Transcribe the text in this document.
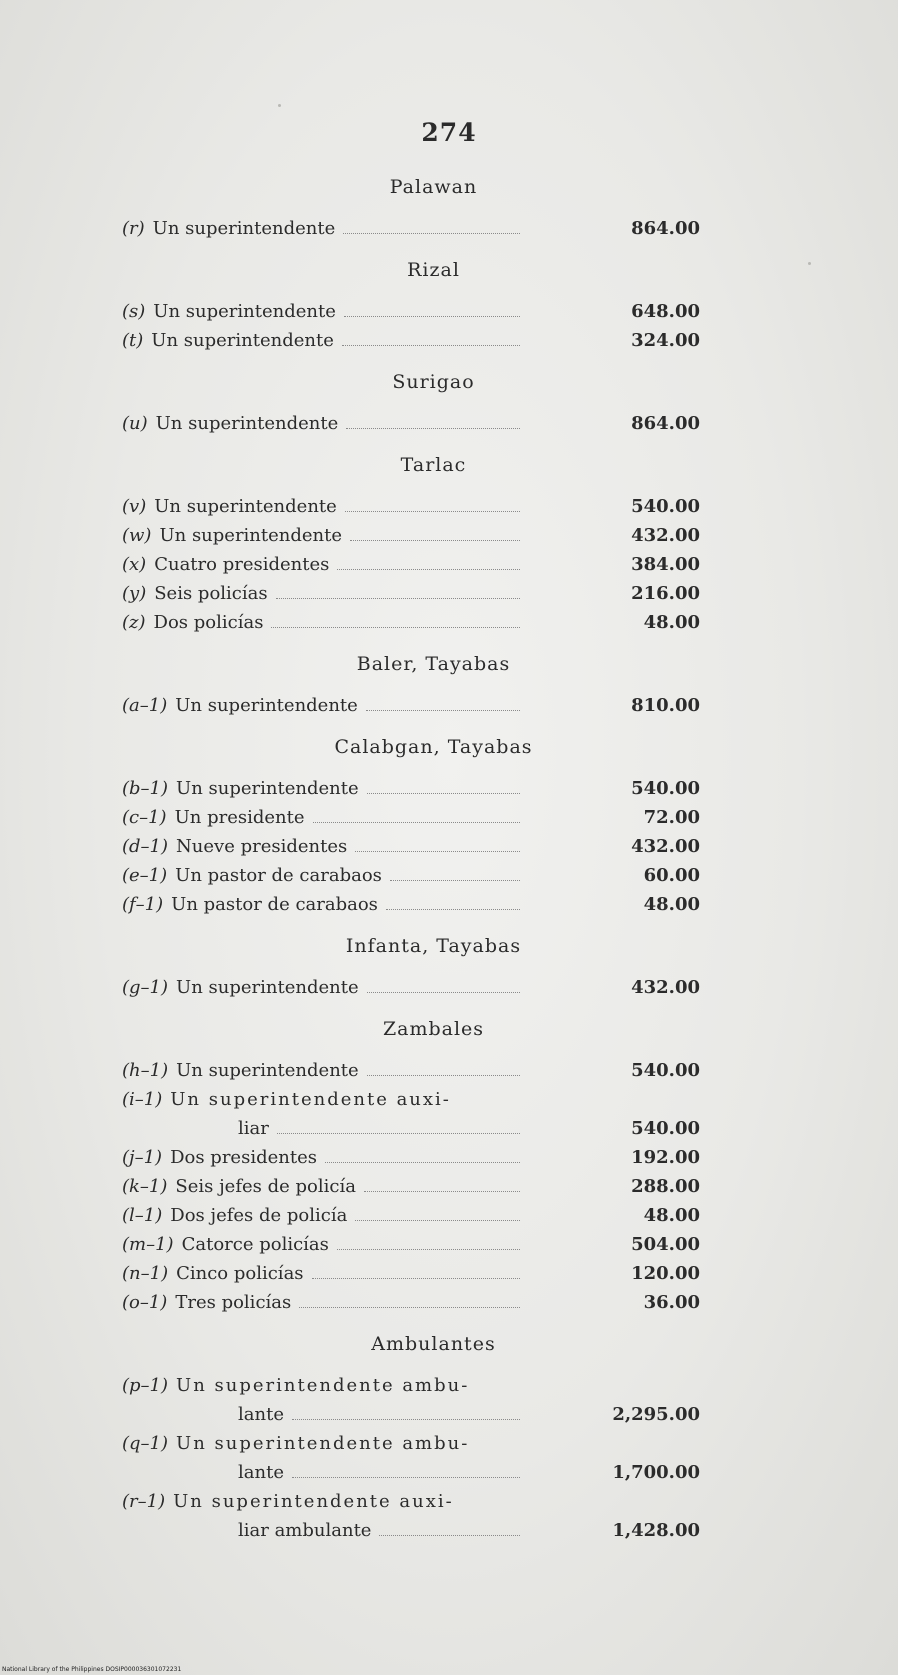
274
Palawan
(r) Un superintendente	864.00
Rizal
(s) Un superintendente	648.00
(t) Un superintendente	324.00
Surigao
(u) Un superintendente	864.00
Tarlac
(v) Un superintendente	540.00
(w) Un superintendente	432.00
(x) Cuatro presidentes	384.00
(y) Seis policías	216.00
(z) Dos policías	48.00
Baler, Tayabas
(a–1) Un superintendente	810.00
Calabgan, Tayabas
(b–1) Un superintendente	540.00
(c–1) Un presidente	72.00
(d–1) Nueve presidentes	432.00
(e–1) Un pastor de carabaos	60.00
(f–1) Un pastor de carabaos	48.00
Infanta, Tayabas
(g–1) Un superintendente	432.00
Zambales
(h–1) Un superintendente	540.00
(i–1) Un superintendente auxi-
liar	540.00
(j–1) Dos presidentes	192.00
(k–1) Seis jefes de policía	288.00
(l–1) Dos jefes de policía	48.00
(m–1) Catorce policías	504.00
(n–1) Cinco policías	120.00
(o–1) Tres policías	36.00
Ambulantes
(p–1) Un superintendente ambu-
lante	2,295.00
(q–1) Un superintendente ambu-
lante	1,700.00
(r–1) Un superintendente auxi-
liar ambulante	1,428.00
National Library of the Philippines DOSIP000036301072231
